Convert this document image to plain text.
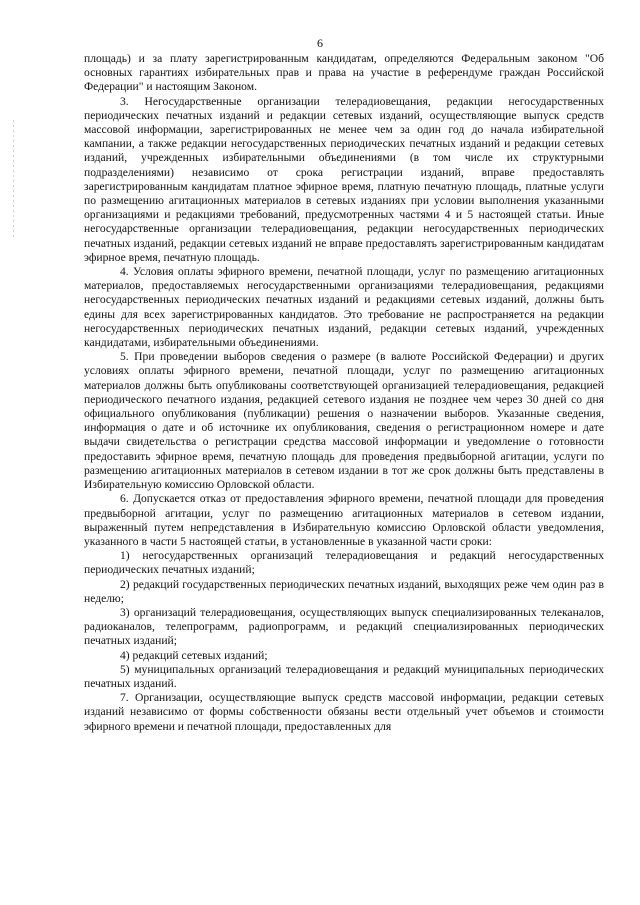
6

площадь) и за плату зарегистрированным кандидатам, определяются Федеральным законом "Об основных гарантиях избирательных прав и права на участие в референдуме граждан Российской Федерации" и настоящим Законом.

3. Негосударственные организации телерадиовещания, редакции негосударственных периодических печатных изданий и редакции сетевых изданий, осуществляющие выпуск средств массовой информации, зарегистрированных не менее чем за один год до начала избирательной кампании, а также редакции негосударственных периодических печатных изданий и редакции сетевых изданий, учрежденных избирательными объединениями (в том числе их структурными подразделениями) независимо от срока регистрации изданий, вправе предоставлять зарегистрированным кандидатам платное эфирное время, платную печатную площадь, платные услуги по размещению агитационных материалов в сетевых изданиях при условии выполнения указанными организациями и редакциями требований, предусмотренных частями 4 и 5 настоящей статьи. Иные негосударственные организации телерадиовещания, редакции негосударственных периодических печатных изданий, редакции сетевых изданий не вправе предоставлять зарегистрированным кандидатам эфирное время, печатную площадь.

4. Условия оплаты эфирного времени, печатной площади, услуг по размещению агитационных материалов, предоставляемых негосударственными организациями телерадиовещания, редакциями негосударственных периодических печатных изданий и редакциями сетевых изданий, должны быть едины для всех зарегистрированных кандидатов. Это требование не распространяется на редакции негосударственных периодических печатных изданий, редакции сетевых изданий, учрежденных кандидатами, избирательными объединениями.

5. При проведении выборов сведения о размере (в валюте Российской Федерации) и других условиях оплаты эфирного времени, печатной площади, услуг по размещению агитационных материалов должны быть опубликованы соответствующей организацией телерадиовещания, редакцией периодического печатного издания, редакцией сетевого издания не позднее чем через 30 дней со дня официального опубликования (публикации) решения о назначении выборов. Указанные сведения, информация о дате и об источнике их опубликования, сведения о регистрационном номере и дате выдачи свидетельства о регистрации средства массовой информации и уведомление о готовности предоставить эфирное время, печатную площадь для проведения предвыборной агитации, услуги по размещению агитационных материалов в сетевом издании в тот же срок должны быть представлены в Избирательную комиссию Орловской области.

6. Допускается отказ от предоставления эфирного времени, печатной площади для проведения предвыборной агитации, услуг по размещению агитационных материалов в сетевом издании, выраженный путем непредставления в Избирательную комиссию Орловской области уведомления, указанного в части 5 настоящей статьи, в установленные в указанной части сроки:

1) негосударственных организаций телерадиовещания и редакций негосударственных периодических печатных изданий;

2) редакций государственных периодических печатных изданий, выходящих реже чем один раз в неделю;

3) организаций телерадиовещания, осуществляющих выпуск специализированных телеканалов, радиоканалов, телепрограмм, радиопрограмм, и редакций специализированных периодических печатных изданий;

4) редакций сетевых изданий;

5) муниципальных организаций телерадиовещания и редакций муниципальных периодических печатных изданий.

7. Организации, осуществляющие выпуск средств массовой информации, редакции сетевых изданий независимо от формы собственности обязаны вести отдельный учет объемов и стоимости эфирного времени и печатной площади, предоставленных для
